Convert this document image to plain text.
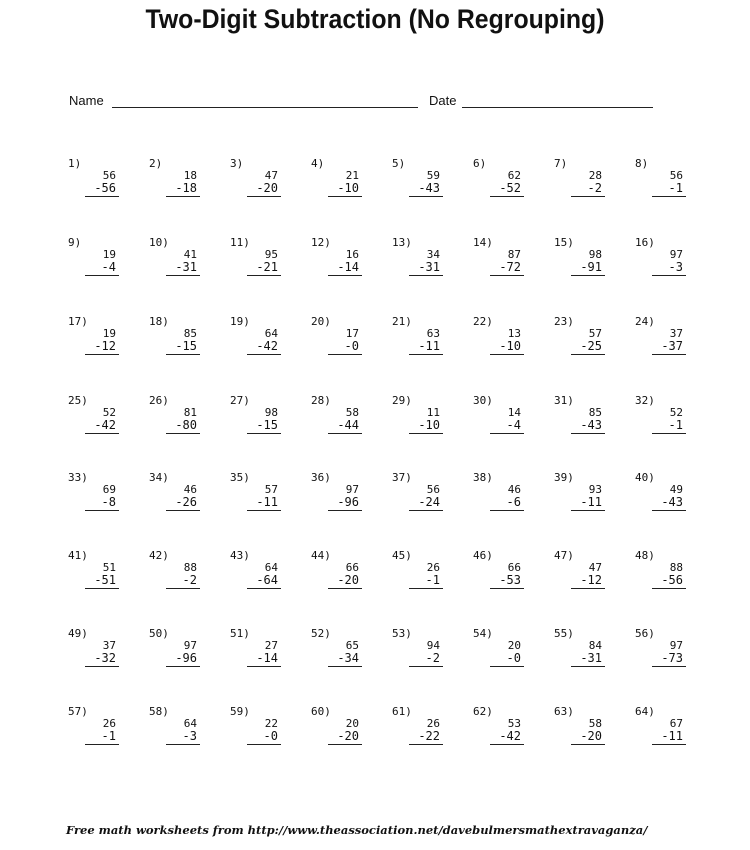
Two-Digit Subtraction (No Regrouping)
Name	Date
1)
56
-56
2)
18
-18
3)
47
-20
4)
21
-10
5)
59
-43
6)
62
-52
7)
28
-2
8)
56
-1
9)
19
-4
10)
41
-31
11)
95
-21
12)
16
-14
13)
34
-31
14)
87
-72
15)
98
-91
16)
97
-3
17)
19
-12
18)
85
-15
19)
64
-42
20)
17
-0
21)
63
-11
22)
13
-10
23)
57
-25
24)
37
-37
25)
52
-42
26)
81
-80
27)
98
-15
28)
58
-44
29)
11
-10
30)
14
-4
31)
85
-43
32)
52
-1
33)
69
-8
34)
46
-26
35)
57
-11
36)
97
-96
37)
56
-24
38)
46
-6
39)
93
-11
40)
49
-43
41)
51
-51
42)
88
-2
43)
64
-64
44)
66
-20
45)
26
-1
46)
66
-53
47)
47
-12
48)
88
-56
49)
37
-32
50)
97
-96
51)
27
-14
52)
65
-34
53)
94
-2
54)
20
-0
55)
84
-31
56)
97
-73
57)
26
-1
58)
64
-3
59)
22
-0
60)
20
-20
61)
26
-22
62)
53
-42
63)
58
-20
64)
67
-11
Free math worksheets from http://www.theassociation.net/davebulmersmathextravaganza/
